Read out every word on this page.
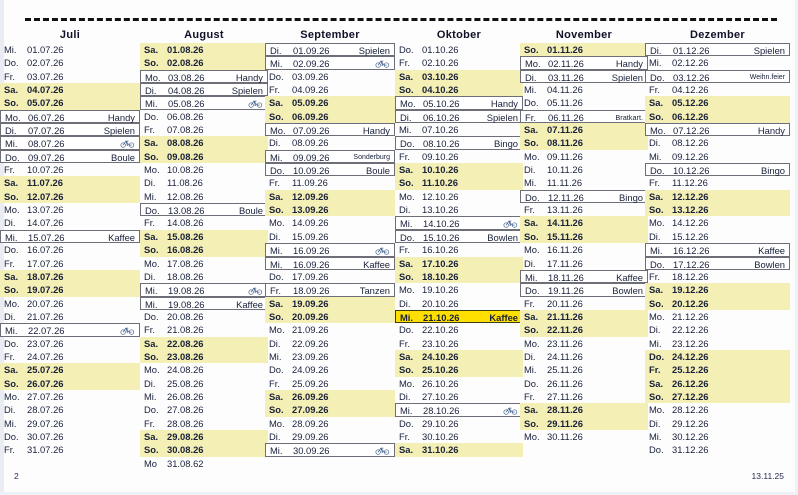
Juli
Mi.	01.07.26
Do. 02.07.26
Fr.	03.07.26
Sa. 04.07.26
So. 05.07.26
Mo. 06.07.26	Handy
Di.	07.07.26	Spielen
Mi.	08.07.26
Do. 09.07.26	Boule
Fr.	10.07.26
Sa. 11.07.26
So. 12.07.26
Mo. 13.07.26
Di.	14.07.26
Mi.	15.07.26	Kaffee
Do. 16.07.26
Fr.	17.07.26
Sa. 18.07.26
So. 19.07.26
Mo. 20.07.26
Di.	21.07.26
Mi.	22.07.26
Do. 23.07.26
Fr.	24.07.26
Sa. 25.07.26
So. 26.07.26
Mo. 27.07.26
Di.	28.07.26
Mi.	29.07.26
Do. 30.07.26
Fr.	31.07.26
August
Sa. 01.08.26
So. 02.08.26
Mo. 03.08.26	Handy
Di.	04.08.26	Spielen
Mi.	05.08.26
Do. 06.08.26
Fr.	07.08.26
Sa. 08.08.26
So. 09.08.26
Mo. 10.08.26
Di.	11.08.26
Mi.	12.08.26
Do. 13.08.26	Boule
Fr.	14.08.26
Sa. 15.08.26
So. 16.08.26
Mo. 17.08.26
Di.	18.08.26
Mi.	19.08.26
Mi.	19.08.26	Kaffee
Do. 20.08.26
Fr.	21.08.26
Sa. 22.08.26
So. 23.08.26
Mo. 24.08.26
Di.	25.08.26
Mi.	26.08.26
Do. 27.08.26
Fr.	28.08.26
Sa. 29.08.26
So. 30.08.26
Mo	31.08.62
September
Di.	01.09.26	Spielen
Mi.	02.09.26
Do. 03.09.26
Fr.	04.09.26
Sa. 05.09.26
So. 06.09.26
Mo. 07.09.26	Handy
Di.	08.09.26
Mi.	09.09.26	Sonderburg
Do. 10.09.26	Boule
Fr.	11.09.26
Sa. 12.09.26
So. 13.09.26
Mo. 14.09.26
Di.	15.09.26
Mi.	16.09.26
Mi.	16.09.26	Kaffee
Do. 17.09.26
Fr.	18.09.26	Tanzen
Sa. 19.09.26
So. 20.09.26
Mo. 21.09.26
Di.	22.09.26
Mi.	23.09.26
Do. 24.09.26
Fr.	25.09.26
Sa. 26.09.26
So. 27.09.26
Mo. 28.09.26
Di.	29.09.26
Mi.	30.09.26
Oktober
Do. 01.10.26
Fr.	02.10.26
Sa. 03.10.26
So. 04.10.26
Mo. 05.10.26	Handy
Di.	06.10.26	Spielen
Mi.	07.10.26
Do. 08.10.26	Bingo
Fr.	09.10.26
Sa. 10.10.26
So. 11.10.26
Mo. 12.10.26
Di.	13.10.26
Mi.	14.10.26
Do. 15.10.26	Bowlen
Fr.	16.10.26
Sa. 17.10.26
So. 18.10.26
Mo. 19.10.26
Di.	20.10.26
Mi.	21.10.26	Kaffee
Do. 22.10.26
Fr.	23.10.26
Sa. 24.10.26
So. 25.10.26
Mo. 26.10.26
Di.	27.10.26
Mi.	28.10.26
Do. 29.10.26
Fr.	30.10.26
Sa. 31.10.26
November
So. 01.11.26
Mo. 02.11.26	Handy
Di.	03.11.26	Spielen
Mi.	04.11.26
Do. 05.11.26
Fr.	06.11.26	Bratkart.
Sa. 07.11.26
So. 08.11.26
Mo. 09.11.26
Di.	10.11.26
Mi.	11.11.26
Do. 12.11.26	Bingo
Fr.	13.11.26
Sa. 14.11.26
So. 15.11.26
Mo. 16.11.26
Di.	17.11.26
Mi.	18.11.26	Kaffee
Do. 19.11.26	Bowlen
Fr.	20.11.26
Sa. 21.11.26
So. 22.11.26
Mo. 23.11.26
Di.	24.11.26
Mi.	25.11.26
Do. 26.11.26
Fr.	27.11.26
Sa. 28.11.26
So. 29.11.26
Mo. 30.11.26
Dezember
Di.	01.12.26	Spielen
Mi.	02.12.26
Do. 03.12.26	Weihn.feier
Fr.	04.12.26
Sa. 05.12.26
So. 06.12.26
Mo. 07.12.26	Handy
Di.	08.12.26
Mi.	09.12.26
Do. 10.12.26	Bingo
Fr.	11.12.26
Sa. 12.12.26
So. 13.12.26
Mo. 14.12.26
Di.	15.12.26
Mi.	16.12.26	Kaffee
Do. 17.12.26	Bowlen
Fr.	18.12.26
Sa. 19.12.26
So. 20.12.26
Mo. 21.12.26
Di.	22.12.26
Mi.	23.12.26
Do. 24.12.26
Fr.	25.12.26
Sa. 26.12.26
So. 27.12.26
Mo. 28.12.26
Di.	29.12.26
Mi.	30.12.26
Do. 31.12.26
2	13.11.25
